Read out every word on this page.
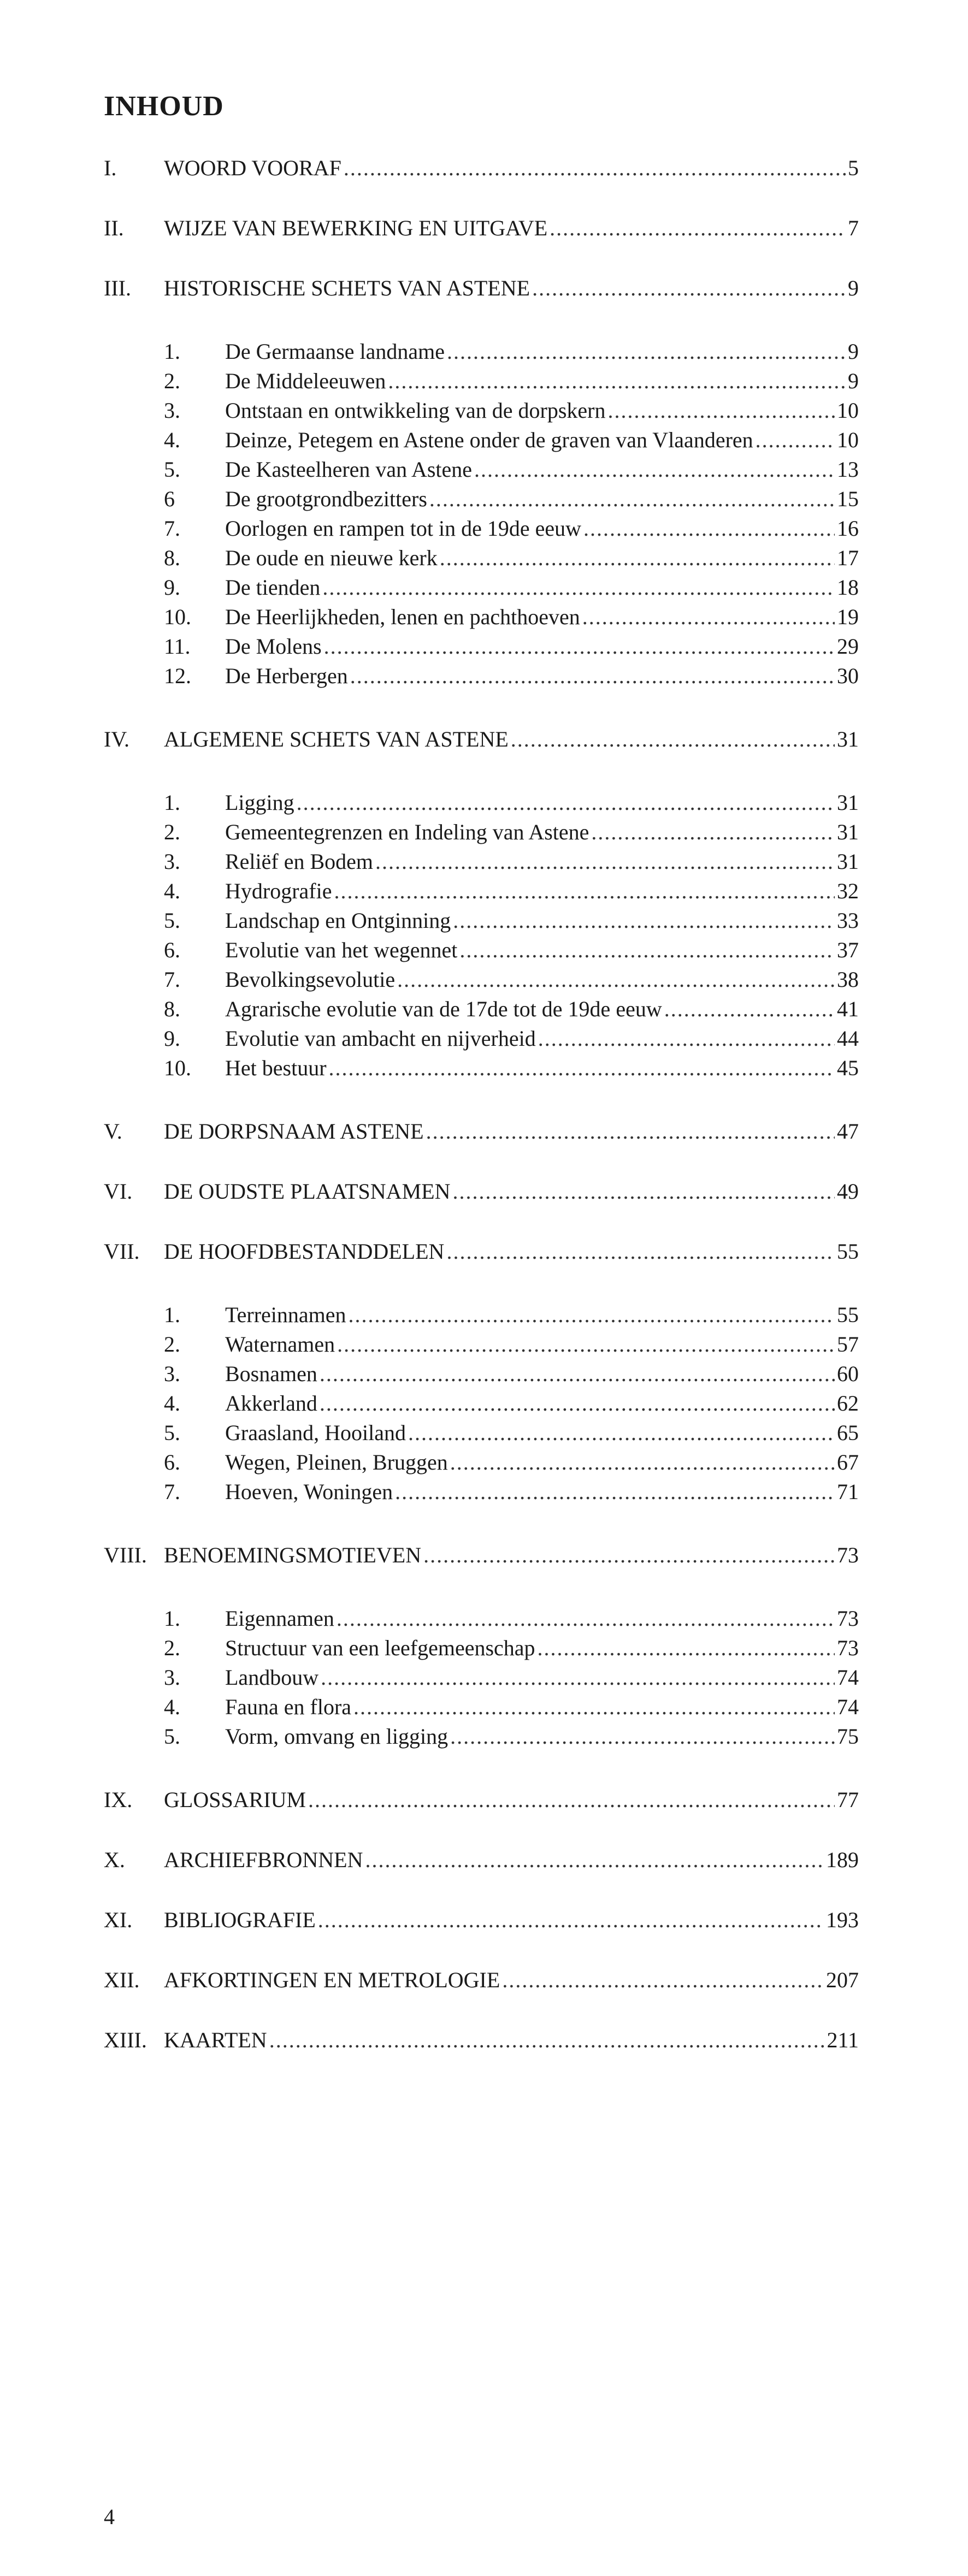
INHOUD
I.	WOORD VOORAF .....	5
II.	WIJZE VAN BEWERKING EN UITGAVE .....	7
III.	HISTORISCHE SCHETS VAN ASTENE .....	9
1.	De Germaanse landname .....	9
2.	De Middeleeuwen .....	9
3.	Ontstaan en ontwikkeling van de dorpskern .....	10
4.	Deinze, Petegem en Astene onder de graven van Vlaanderen .....	10
5.	De Kasteelheren van Astene .....	13
6	De grootgrondbezitters .....	15
7.	Oorlogen en rampen tot in de 19de eeuw .....	16
8.	De oude en nieuwe kerk .....	17
9.	De tienden .....	18
10.	De Heerlijkheden, lenen en pachthoeven .....	19
11.	De Molens .....	29
12.	De Herbergen .....	30
IV.	ALGEMENE SCHETS VAN ASTENE .....	31
1.	Ligging .....	31
2.	Gemeentegrenzen en Indeling van Astene .....	31
3.	Reliëf en Bodem .....	31
4.	Hydrografie .....	32
5.	Landschap en Ontginning .....	33
6.	Evolutie van het wegennet .....	37
7.	Bevolkingsevolutie .....	38
8.	Agrarische evolutie van de 17de tot de 19de eeuw .....	41
9.	Evolutie van ambacht en nijverheid .....	44
10.	Het bestuur .....	45
V.	DE DORPSNAAM ASTENE .....	47
VI.	DE OUDSTE PLAATSNAMEN .....	49
VII.	DE HOOFDBESTANDDELEN .....	55
1.	Terreinnamen .....	55
2.	Waternamen .....	57
3.	Bosnamen .....	60
4.	Akkerland .....	62
5.	Graasland, Hooiland .....	65
6.	Wegen, Pleinen, Bruggen .....	67
7.	Hoeven, Woningen .....	71
VIII. BENOEMINGSMOTIEVEN .....	73
1.	Eigennamen .....	73
2.	Structuur van een leefgemeenschap .....	73
3.	Landbouw .....	74
4.	Fauna en flora .....	74
5.	Vorm, omvang en ligging .....	75
IX.	GLOSSARIUM .....	77
X.	ARCHIEFBRONNEN .....	189
XI.	BIBLIOGRAFIE .....	193
XII.	AFKORTINGEN EN METROLOGIE .....	207
XIII. KAARTEN .....	211
4
